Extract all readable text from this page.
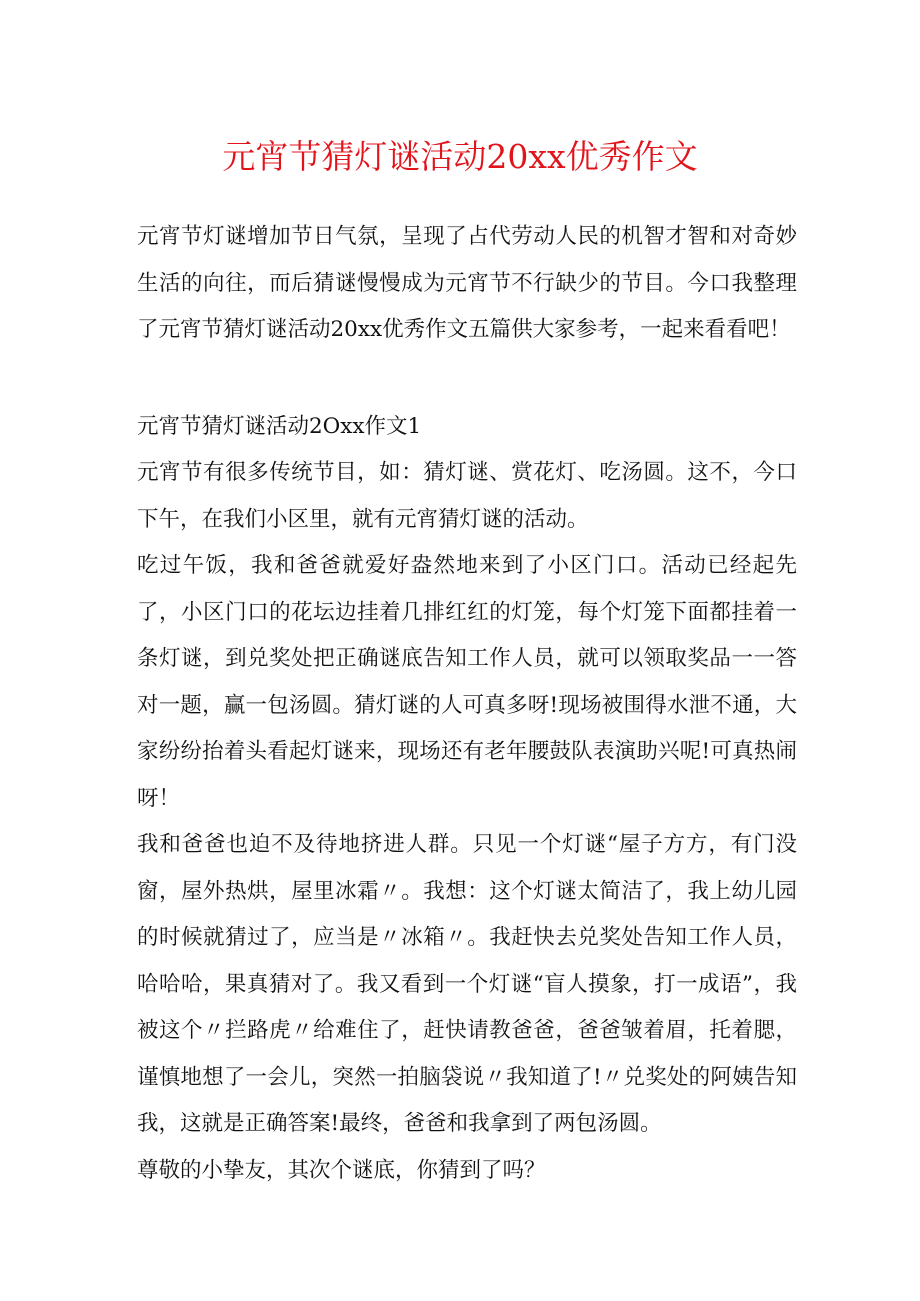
元宵节猜灯谜活动20xx优秀作文

元宵节灯谜增加节日气氛，呈现了占代劳动人民的机智才智和对奇妙生活的向往，而后猜谜慢慢成为元宵节不行缺少的节目。今口我整理了元宵节猜灯谜活动20xx优秀作文五篇供大家参考，一起来看看吧！

元宵节猜灯谜活动2Oxx作文1

元宵节有很多传统节目，如：猜灯谜、赏花灯、吃汤圆。这不，今口下午，在我们小区里，就有元宵猜灯谜的活动。

吃过午饭，我和爸爸就爱好盎然地来到了小区门口。活动已经起先了，小区门口的花坛边挂着几排红红的灯笼，每个灯笼下面都挂着一条灯谜，到兑奖处把正确谜底告知工作人员，就可以领取奖品一一答对一题，赢一包汤圆。猜灯谜的人可真多呀!现场被围得水泄不通，大家纷纷抬着头看起灯谜来，现场还有老年腰鼓队表演助兴呢!可真热闹呀！

我和爸爸也迫不及待地挤进人群。只见一个灯谜“屋子方方，有门没窗，屋外热烘，屋里冰霜〃。我想：这个灯谜太简洁了，我上幼儿园的时候就猜过了，应当是〃冰箱〃。我赶快去兑奖处告知工作人员，哈哈哈，果真猜对了。我又看到一个灯谜“盲人摸象，打一成语”，我被这个〃拦路虎〃给难住了，赶快请教爸爸，爸爸皱着眉，托着腮，谨慎地想了一会儿，突然一拍脑袋说〃我知道了!〃兑奖处的阿姨告知我，这就是正确答案!最终，爸爸和我拿到了两包汤圆。

尊敬的小挚友，其次个谜底，你猜到了吗？
